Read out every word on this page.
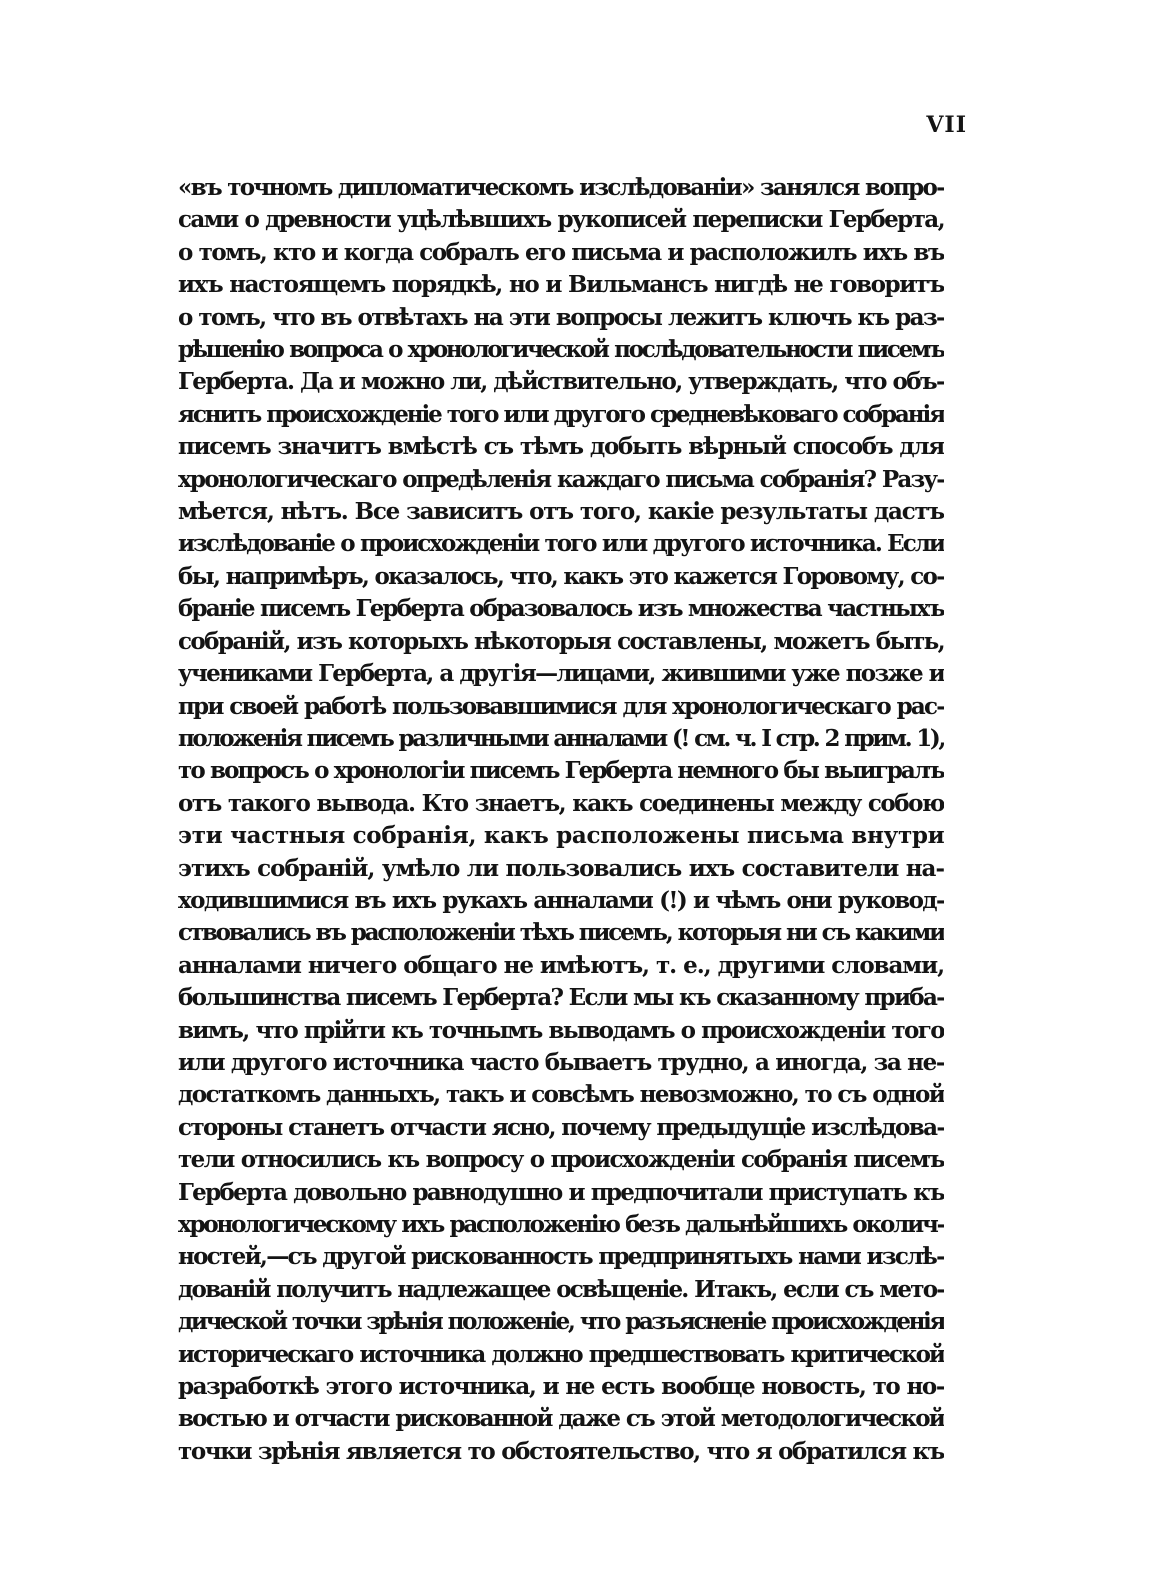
VII
«въ точномъ дипломатическомъ изслѣдованіи» занялся вопро-
сами о древности уцѣлѣвшихъ рукописей переписки Герберта,
о томъ, кто и когда собралъ его письма и расположилъ ихъ въ
ихъ настоящемъ порядкѣ, но и Вильмансъ нигдѣ не говоритъ
о томъ, что въ отвѣтахъ на эти вопросы лежитъ ключъ къ раз-
рѣшенію вопроса о хронологической послѣдовательности писемъ
Герберта. Да и можно ли, дѣйствительно, утверждать, что объ-
яснить происхожденіе того или другого средневѣковаго собранія
писемъ значитъ вмѣстѣ съ тѣмъ добыть вѣрный способъ для
хронологическаго опредѣленія каждаго письма собранія? Разу-
мѣется, нѣтъ. Все зависитъ отъ того, какіе результаты дастъ
изслѣдованіе о происхожденіи того или другого источника. Если
бы, напримѣръ, оказалось, что, какъ это кажется Горовому, со-
браніе писемъ Герберта образовалось изъ множества частныхъ
собраній, изъ которыхъ нѣкоторыя составлены, можетъ быть,
учениками Герберта, а другія—лицами, жившими уже позже и
при своей работѣ пользовавшимися для хронологическаго рас-
положенія писемъ различными анналами (! см. ч. I стр. 2 прим. 1),
то вопросъ о хронологіи писемъ Герберта немного бы выигралъ
отъ такого вывода. Кто знаетъ, какъ соединены между собою
эти частныя собранія, какъ расположены письма внутри
этихъ собраній, умѣло ли пользовались ихъ составители на-
ходившимися въ ихъ рукахъ анналами (!) и чѣмъ они руковод-
ствовались въ расположеніи тѣхъ писемъ, которыя ни съ какими
анналами ничего общаго не имѣютъ, т. е., другими словами,
большинства писемъ Герберта? Если мы къ сказанному приба-
вимъ, что прійти къ точнымъ выводамъ о происхожденіи того
или другого источника часто бываетъ трудно, а иногда, за не-
достаткомъ данныхъ, такъ и совсѣмъ невозможно, то съ одной
стороны станетъ отчасти ясно, почему предыдущіе изслѣдова-
тели относились къ вопросу о происхожденіи собранія писемъ
Герберта довольно равнодушно и предпочитали приступать къ
хронологическому ихъ расположенію безъ дальнѣйшихъ околич-
ностей,—съ другой рискованность предпринятыхъ нами изслѣ-
дованій получитъ надлежащее освѣщеніе. Итакъ, если съ мето-
дической точки зрѣнія положеніе, что разъясненіе происхожденія
историческаго источника должно предшествовать критической
разработкѣ этого источника, и не есть вообще новость, то но-
востью и отчасти рискованной даже съ этой методологической
точки зрѣнія является то обстоятельство, что я обратился къ
